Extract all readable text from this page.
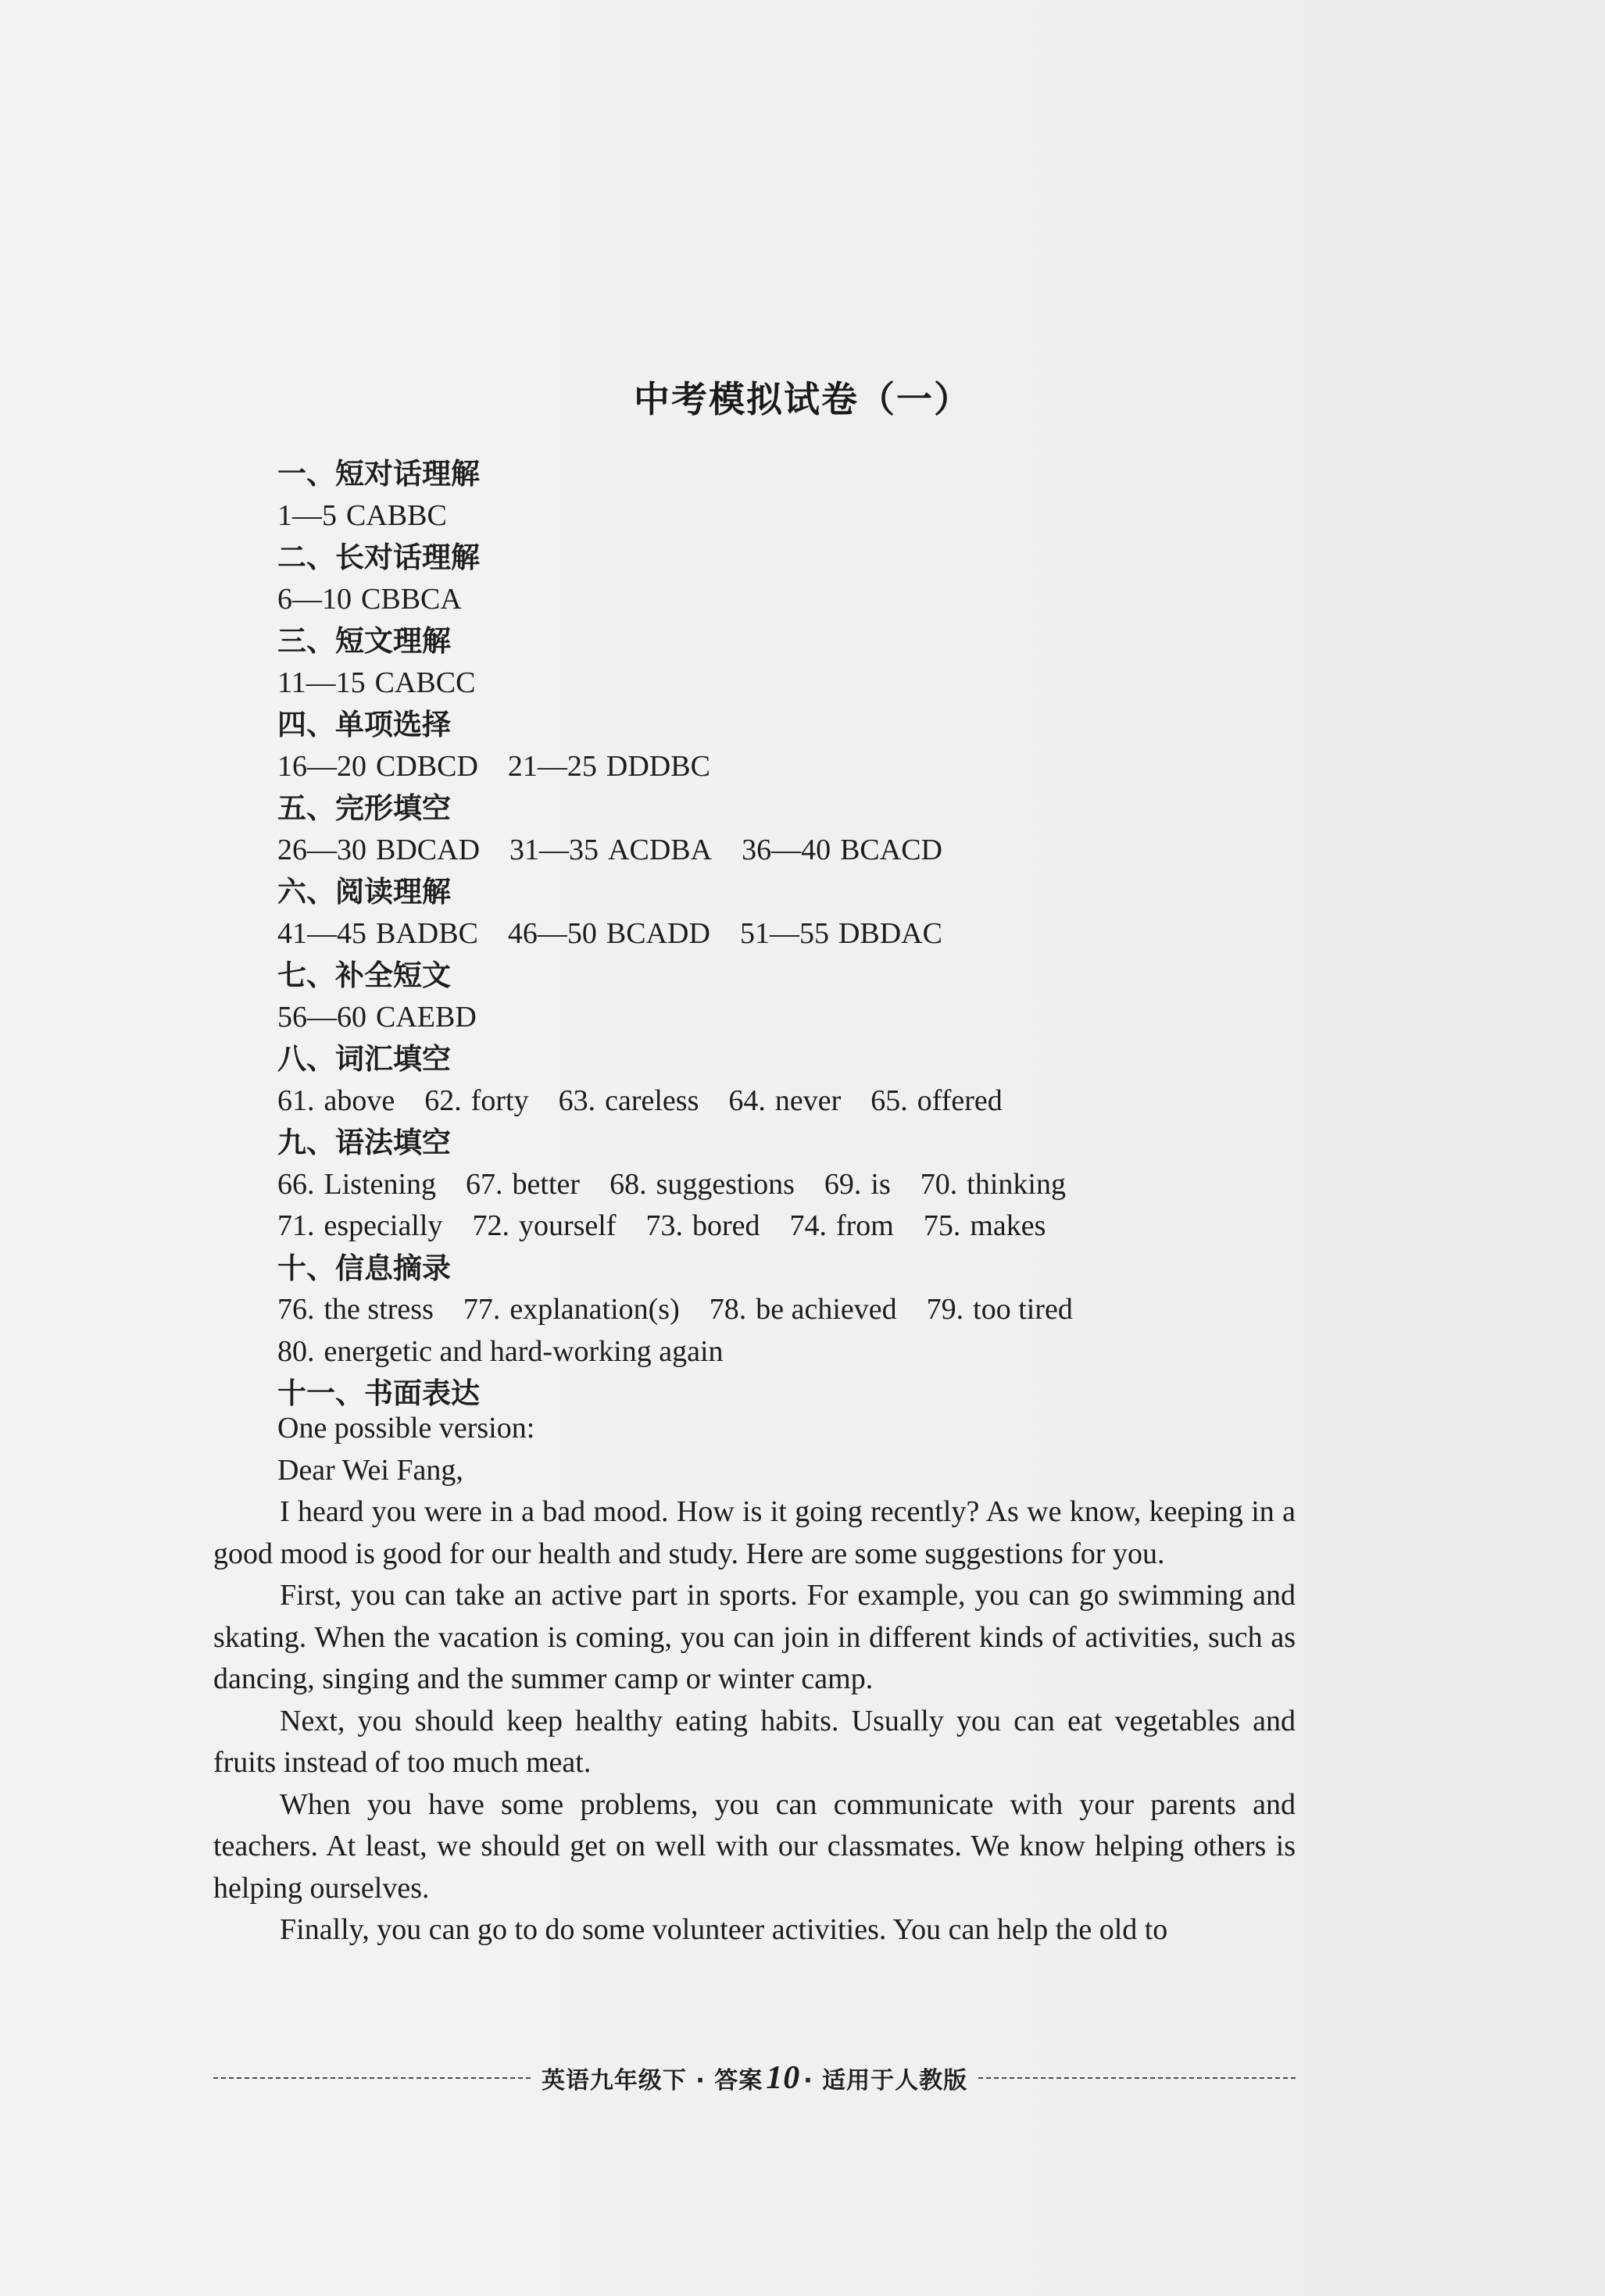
中考模拟试卷（一）
一、短对话理解
1—5 CABBC
二、长对话理解
6—10 CBBCA
三、短文理解
11—15 CABCC
四、单项选择
16—20 CDBCD 21—25 DDDBC
五、完形填空
26—30 BDCAD 31—35 ACDBA 36—40 BCACD
六、阅读理解
41—45 BADBC 46—50 BCADD 51—55 DBDAC
七、补全短文
56—60 CAEBD
八、词汇填空
61. above 62. forty 63. careless 64. never 65. offered
九、语法填空
66. Listening 67. better 68. suggestions 69. is 70. thinking
71. especially 72. yourself 73. bored 74. from 75. makes
十、信息摘录
76. the stress 77. explanation(s) 78. be achieved 79. too tired
80. energetic and hard-working again
十一、书面表达

One possible version:

Dear Wei Fang,

I heard you were in a bad mood. How is it going recently? As we know, keeping in a good mood is good for our health and study. Here are some suggestions for you.

First, you can take an active part in sports. For example, you can go swimming and skating. When the vacation is coming, you can join in different kinds of activities, such as dancing, singing and the summer camp or winter camp.

Next, you should keep healthy eating habits. Usually you can eat vegetables and fruits instead of too much meat.

When you have some problems, you can communicate with your parents and teachers. At least, we should get on well with our classmates. We know helping others is helping ourselves.

Finally, you can go to do some volunteer activities. You can help the old to

英语九年级下 · 答案10 · 适用于人教版
